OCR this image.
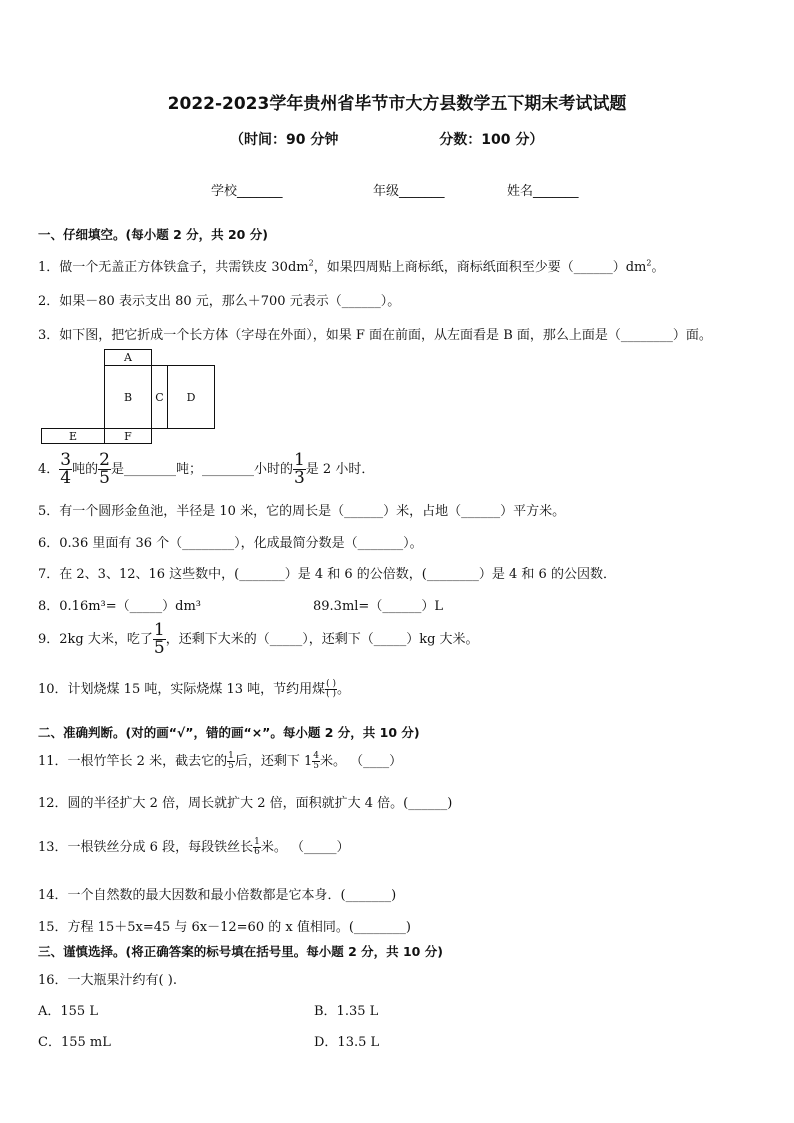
2022-2023学年贵州省毕节市大方县数学五下期末考试试题
（时间：90 分钟	分数：100 分）
学校_______	年级_______	姓名_______
一、仔细填空。(每小题 2 分，共 20 分)
1．做一个无盖正方体铁盒子，共需铁皮 $30dm^2$，如果四周贴上商标纸，商标纸面积至少要$(\_\_\_\_\_\_)dm^2$。
2．如果－80 表示支出 80 元，那么＋700 元表示（______）。
3．如下图，把它折成一个长方体（字母在外面），如果 F 面在前面，从左面看是 B 面，那么上面是（________）面。
A
B	C	D
E	F
4． $\frac{3}{4}$ 吨的 $\frac{2}{5}$ 是________吨；________小时的 $\frac{1}{3}$ 是 2 小时．
5．有一个圆形金鱼池，半径是 10 米，它的周长是（______）米，占地（______）平方米。
6．0.36 里面有 36 个（________），化成最简分数是（_______）。
7．在 2、3、12、16 这些数中，(_______）是 4 和 6 的公倍数，(________）是 4 和 6 的公因数．
8．0.16m³=（_____）dm³	89.3ml=（______）L
9．2kg 大米，吃了 $\frac{1}{5}$ ，还剩下大米的（_____），还剩下（_____）kg 大米。
10．计划烧煤 15 吨，实际烧煤 13 吨，节约用煤 $\frac{( )}{( )}$ 。
二、准确判断。(对的画“√”，错的画“×”。每小题 2 分，共 10 分)
11．一根竹竿长 2 米，截去它的 $\frac{1}{5}$ 后，还剩下 $1 \frac{4}{5}$ 米。 （____）
12．圆的半径扩大 2 倍，周长就扩大 2 倍，面积就扩大 4 倍。(______)
13．一根铁丝分成 6 段，每段铁丝长 $\frac{1}{6}$ 米。 （_____）
14．一个自然数的最大因数和最小倍数都是它本身．(_______)
15．方程 15＋5x=45 与 6x－12=60 的 x 值相同。(________)
三、谨慎选择。(将正确答案的标号填在括号里。每小题 2 分，共 10 分)
16．一大瓶果汁约有( ).
A．155 L	B．1.35 L
C．155 mL	D．13.5 L
